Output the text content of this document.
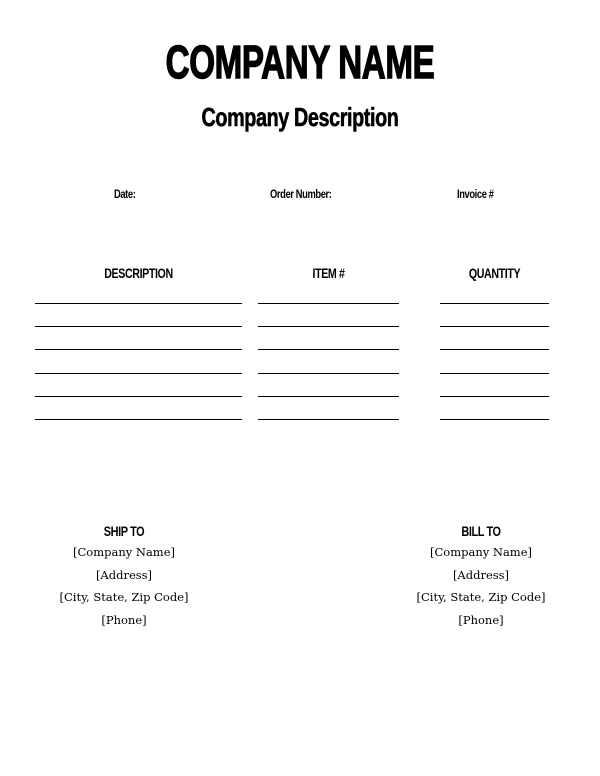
COMPANY NAME
Company Description
Date:	Order Number:	Invoice #
DESCRIPTION	ITEM #	QUANTITY
SHIP TO
[Company Name]
[Address]
[City, State, Zip Code]
[Phone]
BILL TO
[Company Name]
[Address]
[City, State, Zip Code]
[Phone]
